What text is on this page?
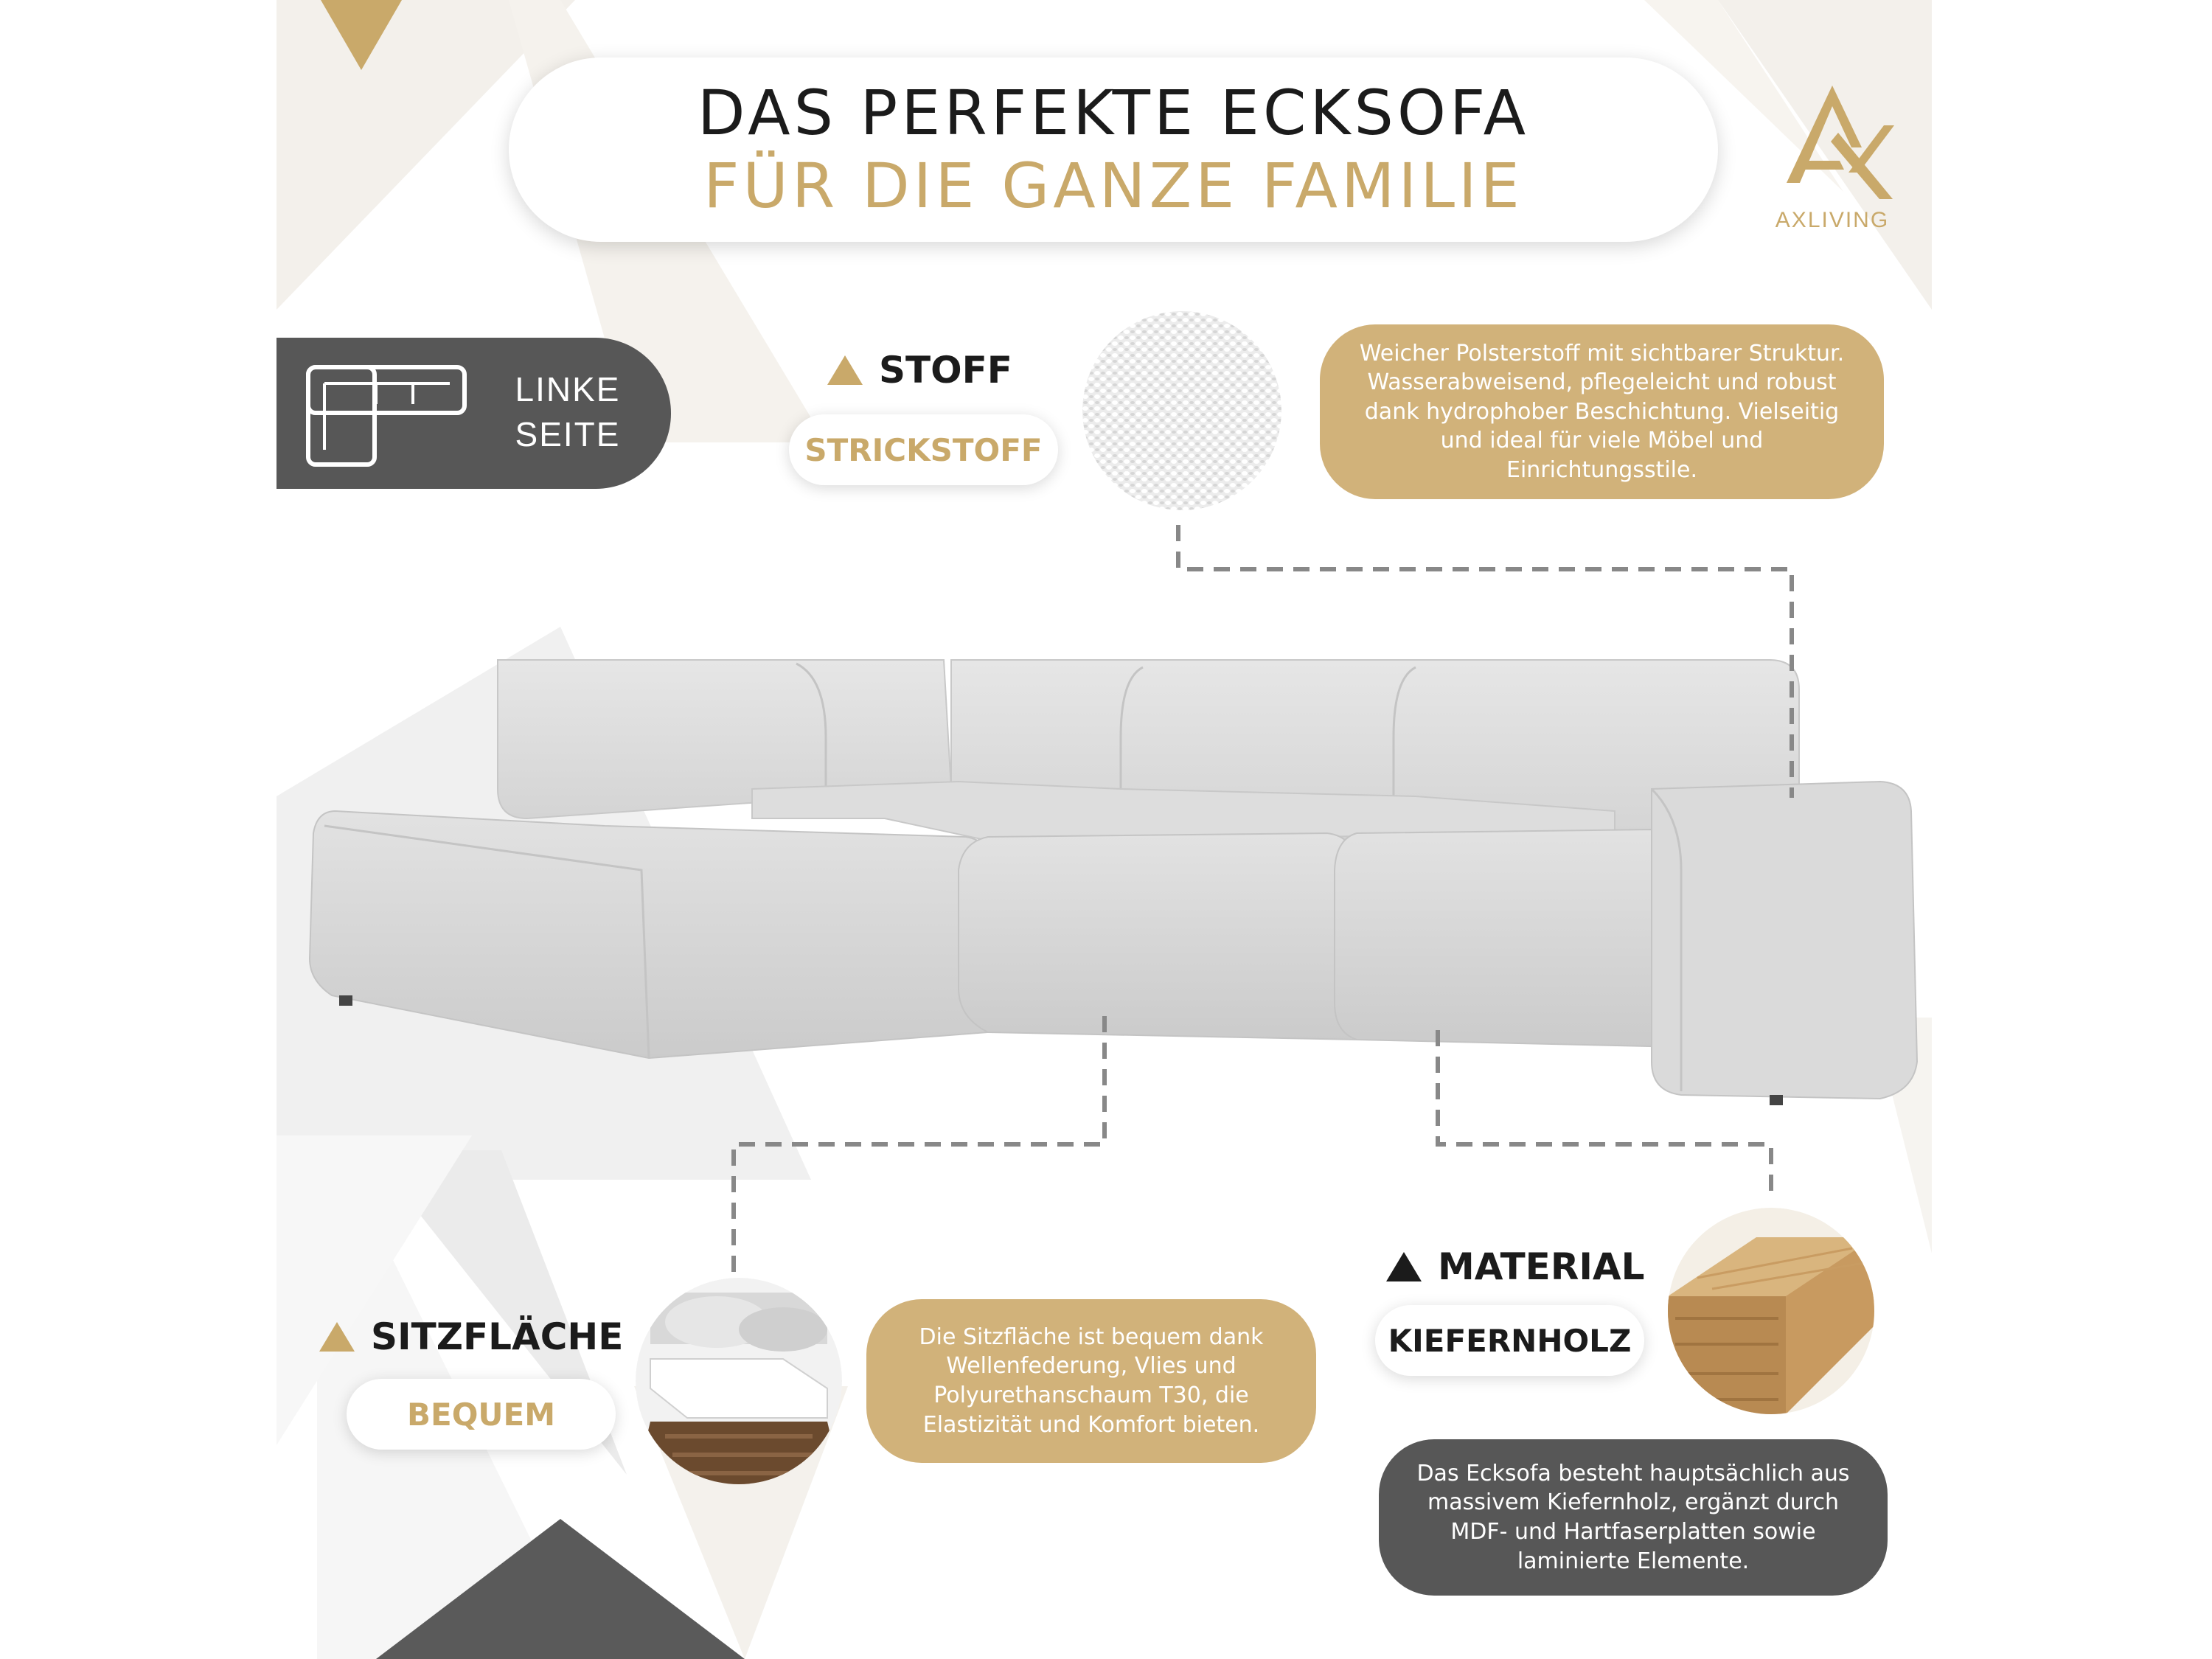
DAS PERFEKTE ECKSOFA
FÜR DIE GANZE FAMILIE	AXLIVING
LINKE
SEITE
STOFF
STRICKSTOFF
Weicher Polsterstoff mit sichtbarer Struktur. Wasserabweisend, pflegeleicht und robust dank hydrophober Beschichtung. Vielseitig und ideal für viele Möbel und Einrichtungsstile.
SITZFLÄCHE
BEQUEM
Die Sitzfläche ist bequem dank Wellenfederung, Vlies und Polyurethanschaum T30, die Elastizität und Komfort bieten.
MATERIAL
KIEFERNHOLZ
Das Ecksofa besteht hauptsächlich aus massivem Kiefernholz, ergänzt durch MDF- und Hartfaserplatten sowie laminierte Elemente.
